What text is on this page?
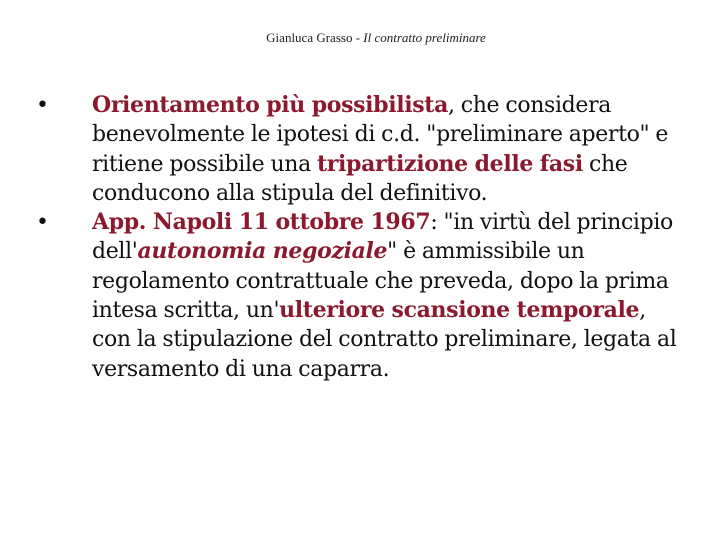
Gianluca Grasso - Il contratto preliminare
• Orientamento più possibilista, che considera benevolmente le ipotesi di c.d. "preliminare aperto" e ritiene possibile una tripartizione delle fasi che conducono alla stipula del definitivo.
• App. Napoli 11 ottobre 1967: "in virtù del principio dell'autonomia negoziale" è ammissibile un regolamento contrattuale che preveda, dopo la prima intesa scritta, un'ulteriore scansione temporale, con la stipulazione del contratto preliminare, legata al versamento di una caparra.
